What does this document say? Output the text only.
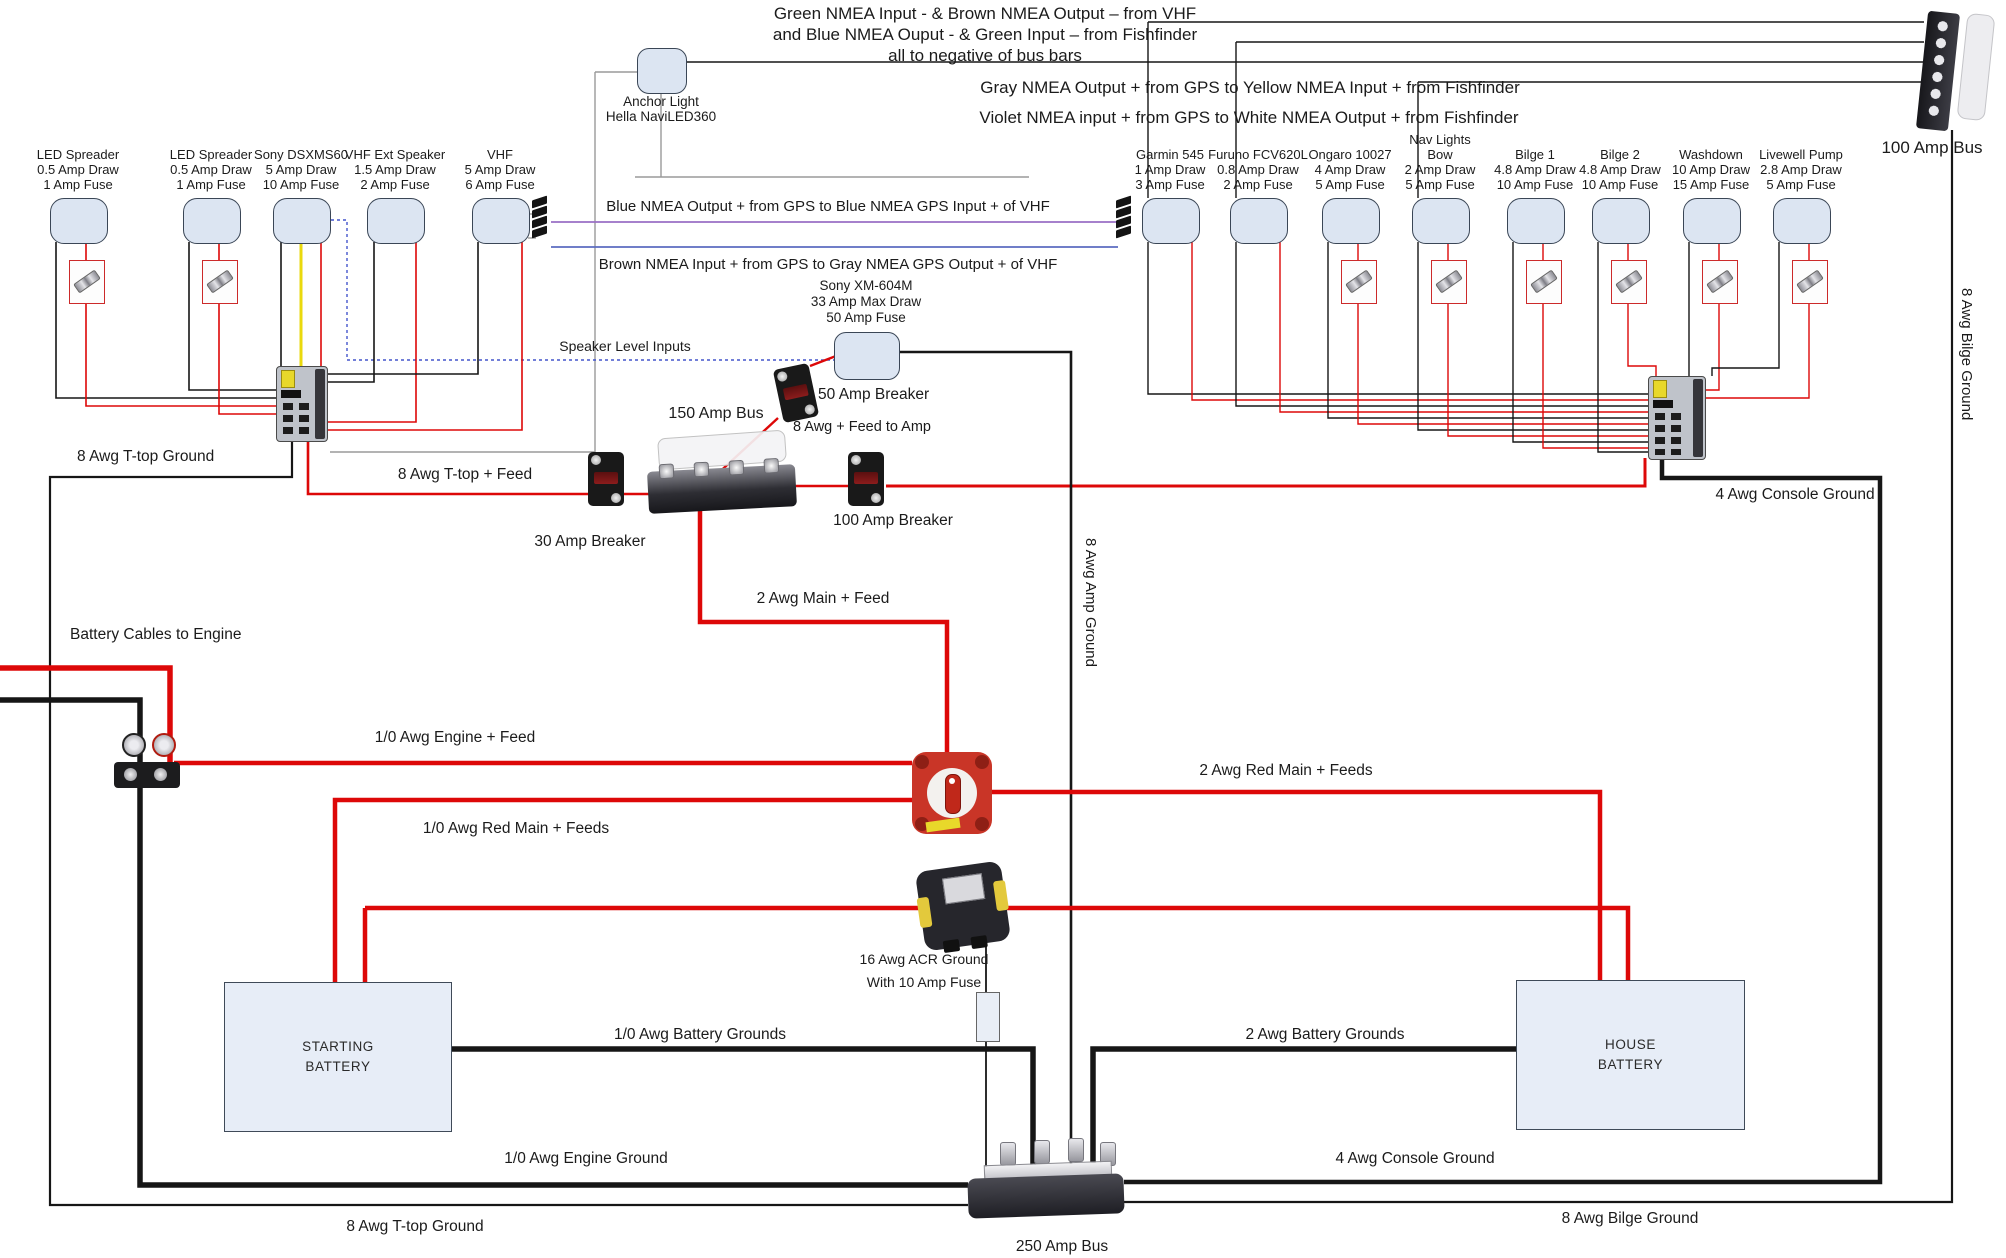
Green NMEA Input - & Brown NMEA Output – from VHF
and Blue NMEA Ouput - & Green Input – from Fishfinder
all to negative of bus bars
Anchor Light
Hella NaviLED360
Gray NMEA Output + from GPS to Yellow NMEA Input + from Fishfinder
Violet NMEA input + from GPS to White NMEA Output + from Fishfinder
Blue NMEA Output + from GPS to Blue NMEA GPS Input + of VHF
Brown NMEA Input + from GPS to Gray NMEA GPS Output + of VHF
Speaker Level Inputs
LED Spreader
0.5 Amp Draw
1 Amp Fuse
LED Spreader
0.5 Amp Draw
1 Amp Fuse
Sony DSXMS60
5 Amp Draw
10 Amp Fuse
VHF Ext Speaker
1.5 Amp Draw
2 Amp Fuse
VHF
5 Amp Draw
6 Amp Fuse
Garmin 545
1 Amp Draw
3 Amp Fuse
Furuno FCV620L
0.8 Amp Draw
2 Amp Fuse
Ongaro 10027
4 Amp Draw
5 Amp Fuse
Nav Lights
Bow
2 Amp Draw
5 Amp Fuse
Bilge 1
4.8 Amp Draw
10 Amp Fuse
Bilge 2
4.8 Amp Draw
10 Amp Fuse
Washdown
10 Amp Draw
15 Amp Fuse
Livewell Pump
2.8 Amp Draw
5 Amp Fuse
Sony XM-604M
33 Amp Max Draw
50 Amp Fuse
50 Amp Breaker
8 Awg + Feed to Amp
30 Amp Breaker
100 Amp Breaker
150 Amp Bus
100 Amp Bus
8 Awg Bilge Ground
8 Awg T-top Ground
8 Awg T-top + Feed
4 Awg Console Ground
8 Awg Amp Ground
2 Awg Main + Feed
Battery Cables to Engine
1/0 Awg Engine + Feed
1/0 Awg Red Main + Feeds
2 Awg Red Main + Feeds
16 Awg ACR Ground
With 10 Amp Fuse
STARTING
BATTERY
HOUSE
BATTERY
1/0 Awg Battery Grounds	2 Awg Battery Grounds
1/0 Awg Engine Ground	4 Awg Console Ground
8 Awg T-top Ground	8 Awg Bilge Ground
250 Amp Bus
